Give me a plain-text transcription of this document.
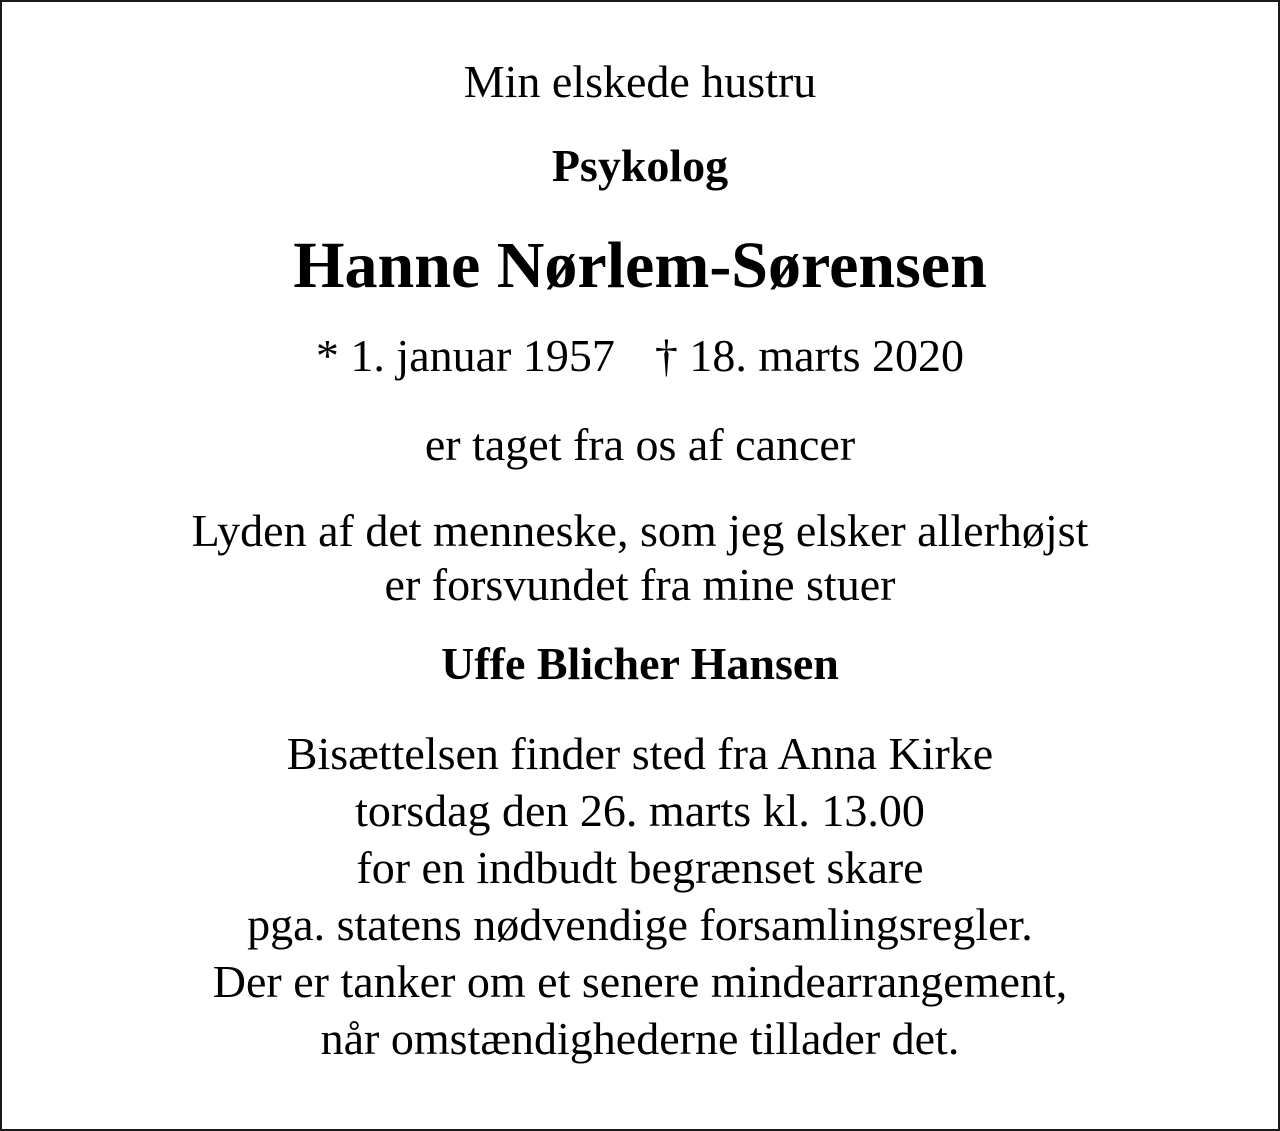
Min elskede hustru
Psykolog
Hanne Nørlem-Sørensen
* 1. januar 1957 † 18. marts 2020
er taget fra os af cancer
Lyden af det menneske, som jeg elsker allerhøjst
er forsvundet fra mine stuer
Uffe Blicher Hansen
Bisættelsen finder sted fra Anna Kirke
torsdag den 26. marts kl. 13.00
for en indbudt begrænset skare
pga. statens nødvendige forsamlingsregler.
Der er tanker om et senere mindearrangement,
når omstændighederne tillader det.
